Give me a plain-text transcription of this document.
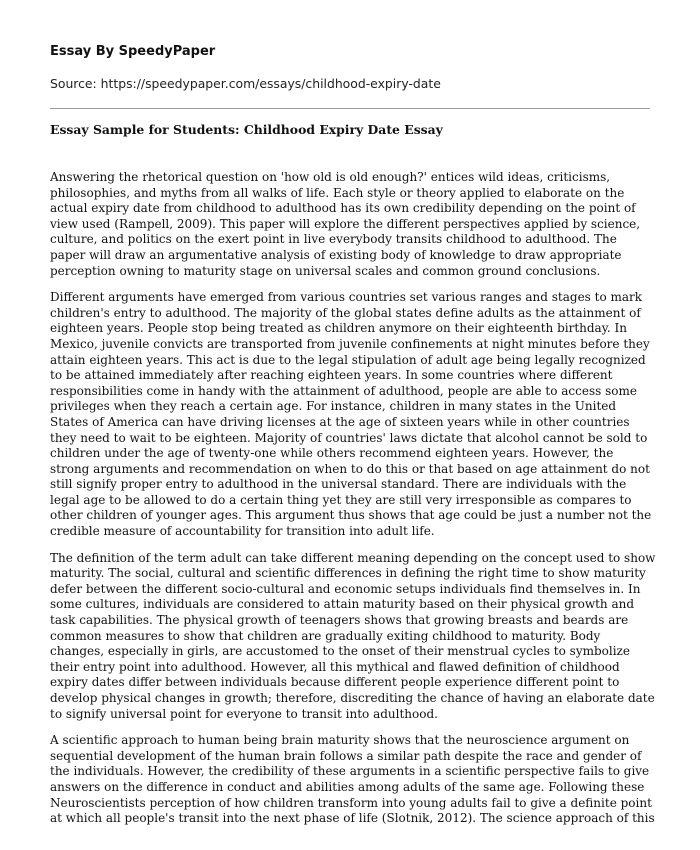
Essay By SpeedyPaper

Source: https://speedypaper.com/essays/childhood-expiry-date

Essay Sample for Students: Childhood Expiry Date Essay

Answering the rhetorical question on 'how old is old enough?' entices wild ideas, criticisms, philosophies, and myths from all walks of life. Each style or theory applied to elaborate on the actual expiry date from childhood to adulthood has its own credibility depending on the point of view used (Rampell, 2009). This paper will explore the different perspectives applied by science, culture, and politics on the exert point in live everybody transits childhood to adulthood. The paper will draw an argumentative analysis of existing body of knowledge to draw appropriate perception owning to maturity stage on universal scales and common ground conclusions.

Different arguments have emerged from various countries set various ranges and stages to mark children's entry to adulthood. The majority of the global states define adults as the attainment of eighteen years. People stop being treated as children anymore on their eighteenth birthday. In Mexico, juvenile convicts are transported from juvenile confinements at night minutes before they attain eighteen years. This act is due to the legal stipulation of adult age being legally recognized to be attained immediately after reaching eighteen years. In some countries where different responsibilities come in handy with the attainment of adulthood, people are able to access some privileges when they reach a certain age. For instance, children in many states in the United States of America can have driving licenses at the age of sixteen years while in other countries they need to wait to be eighteen. Majority of countries' laws dictate that alcohol cannot be sold to children under the age of twenty-one while others recommend eighteen years. However, the strong arguments and recommendation on when to do this or that based on age attainment do not still signify proper entry to adulthood in the universal standard. There are individuals with the legal age to be allowed to do a certain thing yet they are still very irresponsible as compares to other children of younger ages. This argument thus shows that age could be just a number not the credible measure of accountability for transition into adult life.

The definition of the term adult can take different meaning depending on the concept used to show maturity. The social, cultural and scientific differences in defining the right time to show maturity defer between the different socio-cultural and economic setups individuals find themselves in. In some cultures, individuals are considered to attain maturity based on their physical growth and task capabilities. The physical growth of teenagers shows that growing breasts and beards are common measures to show that children are gradually exiting childhood to maturity. Body changes, especially in girls, are accustomed to the onset of their menstrual cycles to symbolize their entry point into adulthood. However, all this mythical and flawed definition of childhood expiry dates differ between individuals because different people experience different point to develop physical changes in growth; therefore, discrediting the chance of having an elaborate date to signify universal point for everyone to transit into adulthood.

A scientific approach to human being brain maturity shows that the neuroscience argument on sequential development of the human brain follows a similar path despite the race and gender of the individuals. However, the credibility of these arguments in a scientific perspective fails to give answers on the difference in conduct and abilities among adults of the same age. Following these Neuroscientists perception of how children transform into young adults fail to give a definite point at which all people's transit into the next phase of life (Slotnik, 2012). The science approach of this
